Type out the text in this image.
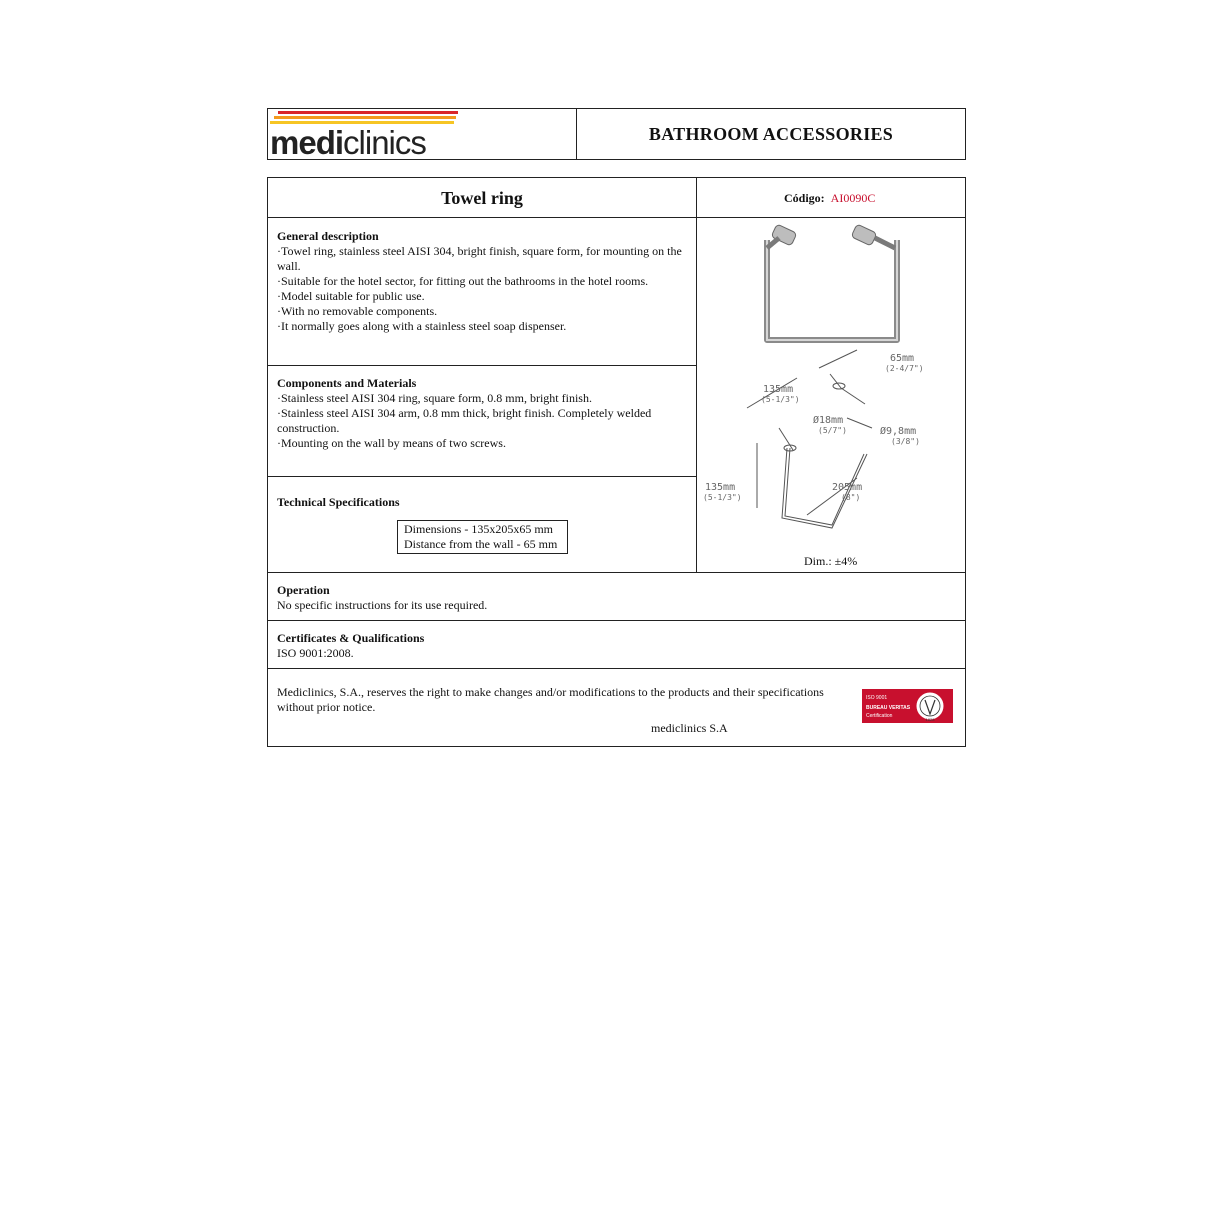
mediclinics	BATHROOM ACCESSORIES
Towel ring	Código: AI0090C
General description

·Towel ring, stainless steel AISI 304, bright finish, square form, for mounting on the wall.

·Suitable for the hotel sector, for fitting out the bathrooms in the hotel rooms.

·Model suitable for public use.

·With no removable components.

·It normally goes along with a stainless steel soap dispenser.

Components and Materials

·Stainless steel AISI 304 ring, square form, 0.8 mm, bright finish.

·Stainless steel AISI 304 arm, 0.8 mm thick, bright finish. Completely welded construction.

·Mounting on the wall by means of two screws.

Technical Specifications
Dimensions - 135x205x65 mm
Distance from the wall - 65 mm
65mm
(2-4/7")
135mm
(5-1/3")
Ø18mm
(5/7")	Ø9,8mm
(3/8")
135mm
(5-1/3")
205mm
(8")
Dim.: ±4%
Operation

No specific instructions for its use required.

Certificates & Qualifications

ISO 9001:2008.

Mediclinics, S.A., reserves the right to make changes and/or modifications to the products and their specifications without prior notice.

mediclinics S.A
ISO 9001
BUREAU VERITAS
Certification
1828
